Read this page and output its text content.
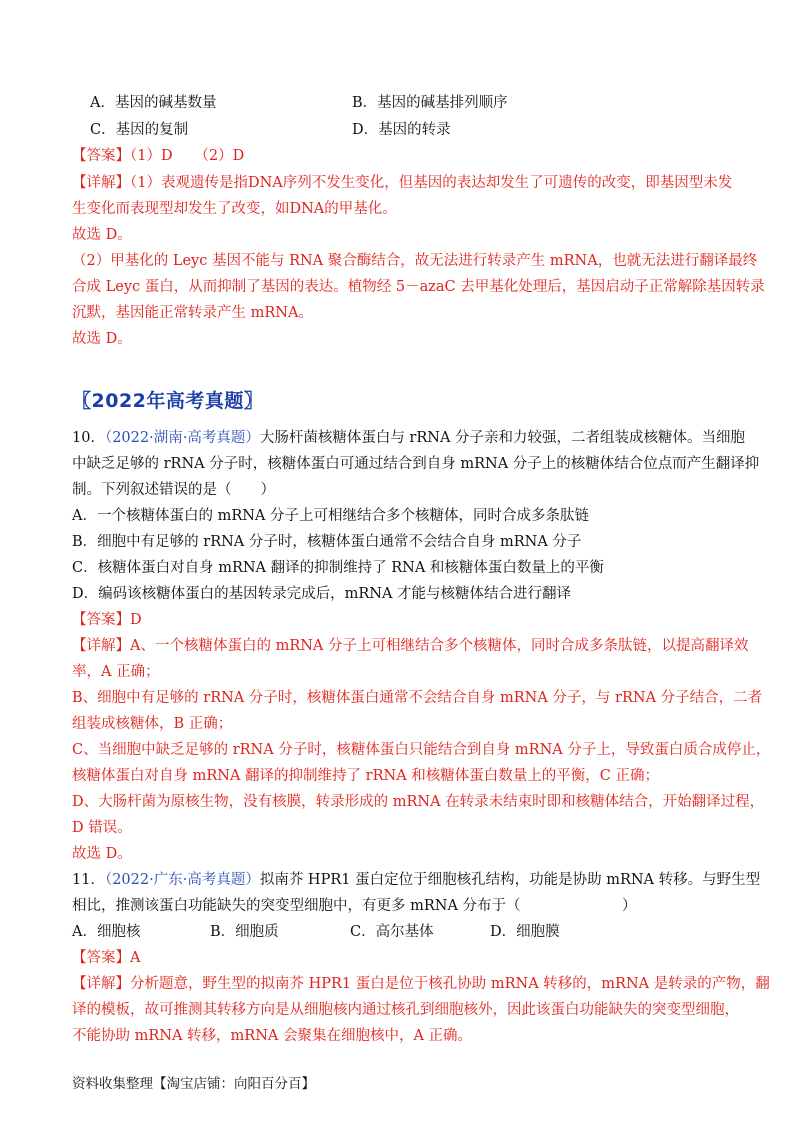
A．基因的碱基数量	B．基因的碱基排列顺序
C．基因的复制	D．基因的转录
【答案】（1）D　　（2）D
【详解】（1）表观遗传是指DNA序列不发生变化，但基因的表达却发生了可遗传的改变，即基因型未发
生变化而表现型却发生了改变，如DNA的甲基化。
故选 D。
（2）甲基化的 Leyc 基因不能与 RNA 聚合酶结合，故无法进行转录产生 mRNA，也就无法进行翻译最终
合成 Leyc 蛋白，从而抑制了基因的表达。植物经 5－azaC 去甲基化处理后，基因启动子正常解除基因转录
沉默，基因能正常转录产生 mRNA。
故选 D。
〖2022年高考真题〗
10．（2022·湖南·高考真题）大肠杆菌核糖体蛋白与 rRNA 分子亲和力较强，二者组装成核糖体。当细胞
中缺乏足够的 rRNA 分子时，核糖体蛋白可通过结合到自身 mRNA 分子上的核糖体结合位点而产生翻译抑
制。下列叙述错误的是（　　）
A．一个核糖体蛋白的 mRNA 分子上可相继结合多个核糖体，同时合成多条肽链
B．细胞中有足够的 rRNA 分子时，核糖体蛋白通常不会结合自身 mRNA 分子
C．核糖体蛋白对自身 mRNA 翻译的抑制维持了 RNA 和核糖体蛋白数量上的平衡
D．编码该核糖体蛋白的基因转录完成后，mRNA 才能与核糖体结合进行翻译
【答案】D
【详解】A、一个核糖体蛋白的 mRNA 分子上可相继结合多个核糖体，同时合成多条肽链，以提高翻译效
率，A 正确；
B、细胞中有足够的 rRNA 分子时，核糖体蛋白通常不会结合自身 mRNA 分子，与 rRNA 分子结合，二者
组装成核糖体，B 正确；
C、当细胞中缺乏足够的 rRNA 分子时，核糖体蛋白只能结合到自身 mRNA 分子上，导致蛋白质合成停止，
核糖体蛋白对自身 mRNA 翻译的抑制维持了 rRNA 和核糖体蛋白数量上的平衡，C 正确；
D、大肠杆菌为原核生物，没有核膜，转录形成的 mRNA 在转录未结束时即和核糖体结合，开始翻译过程，
D 错误。
故选 D。
11．（2022·广东·高考真题）拟南芥 HPR1 蛋白定位于细胞核孔结构，功能是协助 mRNA 转移。与野生型
相比，推测该蛋白功能缺失的突变型细胞中，有更多 mRNA 分布于（　　　　　　　）
A．细胞核	B．细胞质	C．高尔基体	D．细胞膜
【答案】A
【详解】分析题意，野生型的拟南芥 HPR1 蛋白是位于核孔协助 mRNA 转移的，mRNA 是转录的产物，翻
译的模板，故可推测其转移方向是从细胞核内通过核孔到细胞核外，因此该蛋白功能缺失的突变型细胞，
不能协助 mRNA 转移，mRNA 会聚集在细胞核中，A 正确。
资料收集整理【淘宝店铺：向阳百分百】
